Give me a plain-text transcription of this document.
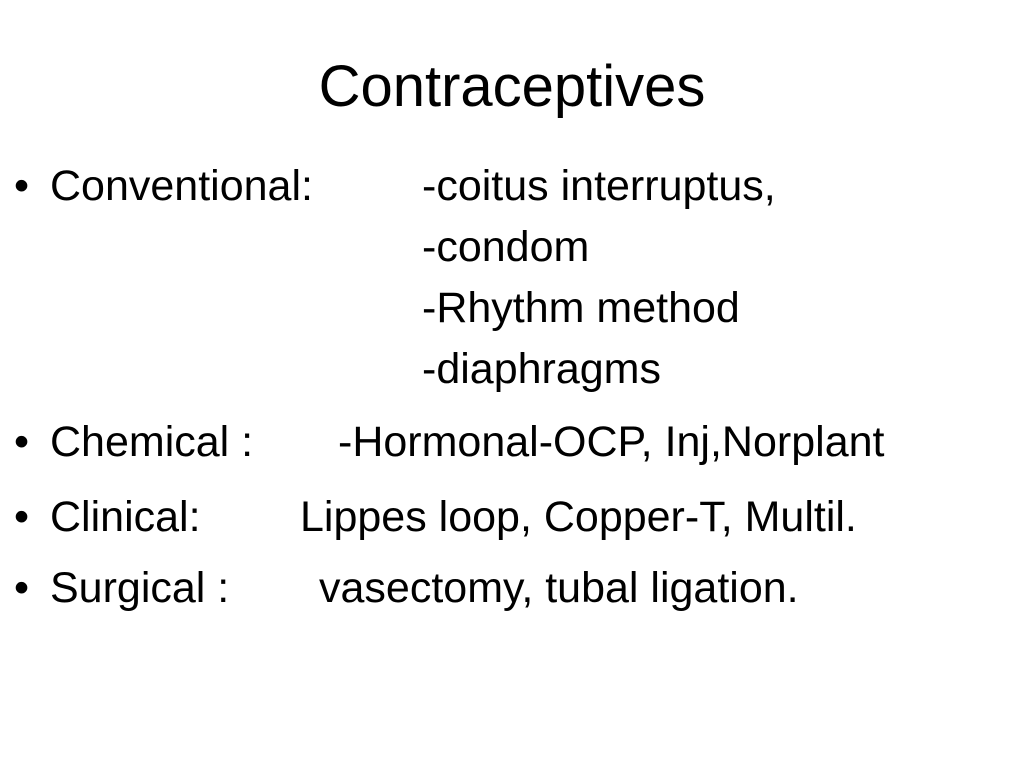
Contraceptives
• Conventional:	-coitus interruptus,
-condom
-Rhythm method
-diaphragms
• Chemical : -Hormonal-OCP, Inj,Norplant
• Clinical: Lippes loop, Copper-T, Multil.
• Surgical : vasectomy, tubal ligation.
